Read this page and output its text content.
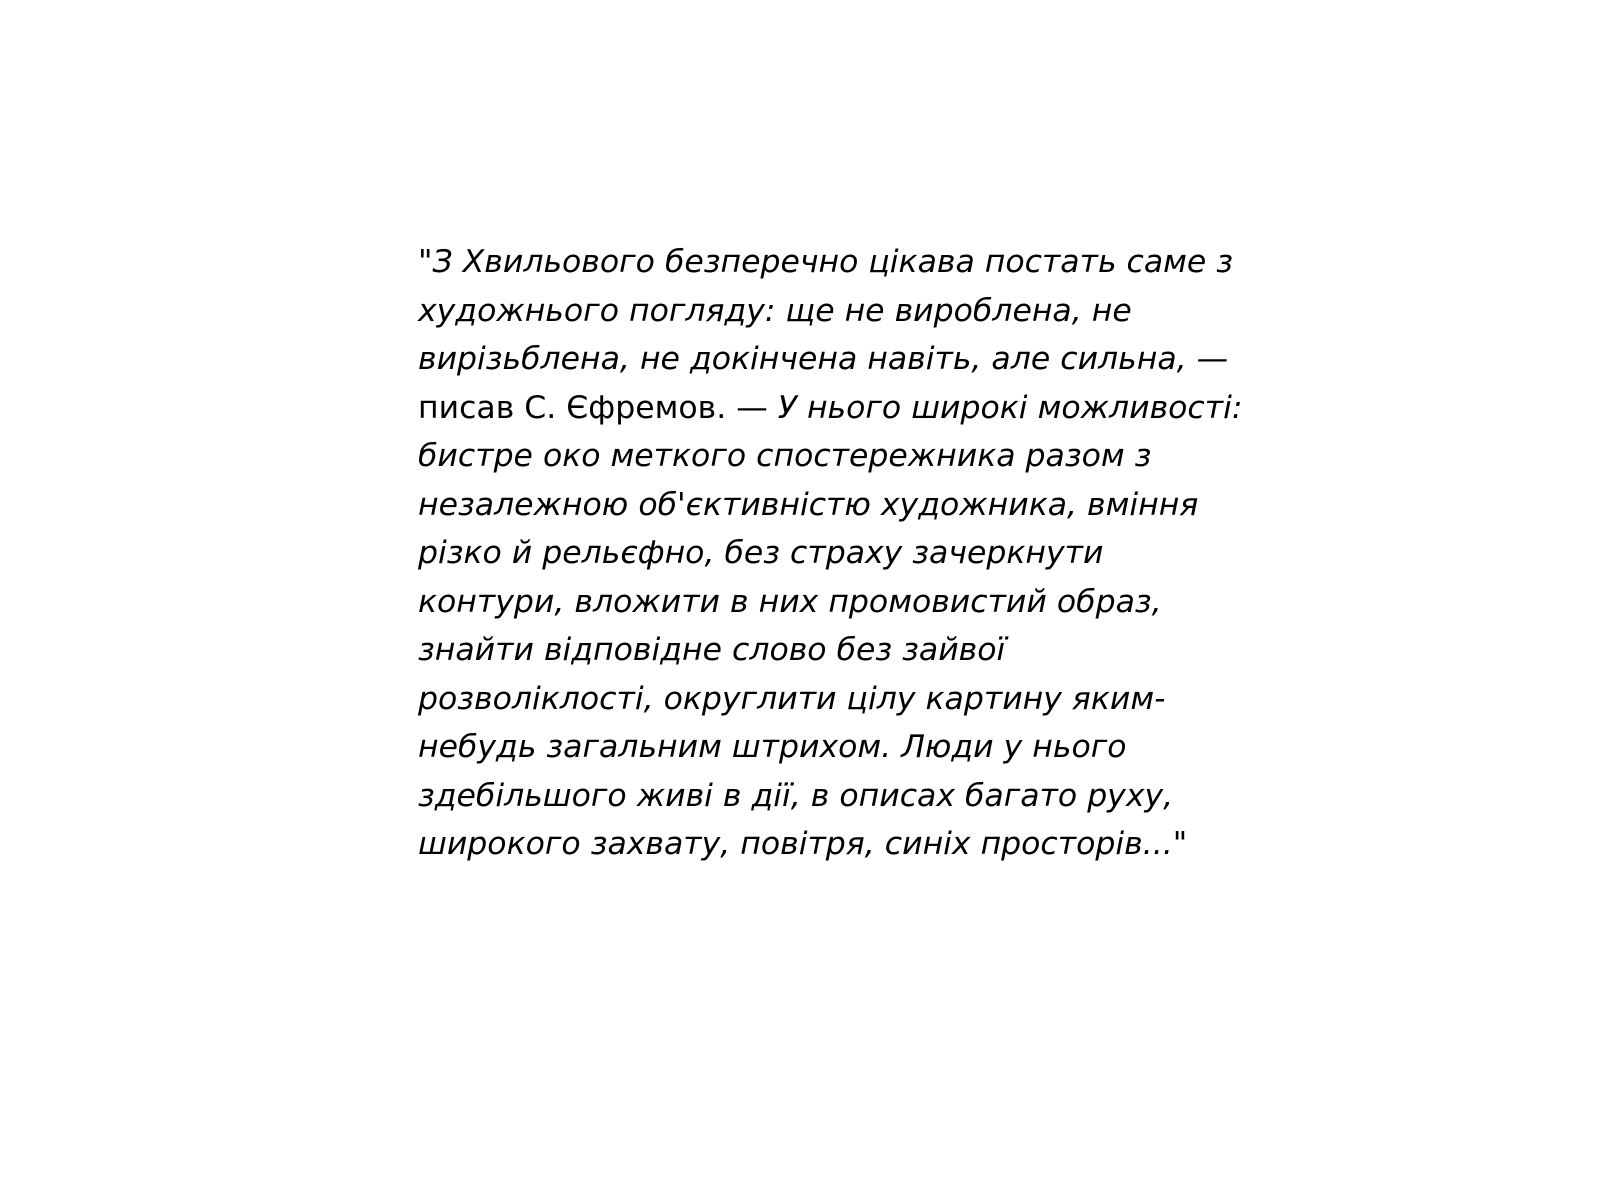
"З Хвильового безперечно цікава постать саме з
художнього погляду: ще не вироблена, не
вирізьблена, не докінчена навіть, але сильна, —
писав С. Єфремов. — У нього широкі можливості:
бистре око меткого спостережника разом з
незалежною об'єктивністю художника, вміння
різко й рельєфно, без страху зачеркнути
контури, вложити в них промовистий образ,
знайти відповідне слово без зайвої
розволіклості, округлити цілу картину яким-
небудь загальним штрихом. Люди у нього
здебільшого живі в дії, в описах багато руху,
широкого захвату, повітря, синіх просторів..."
